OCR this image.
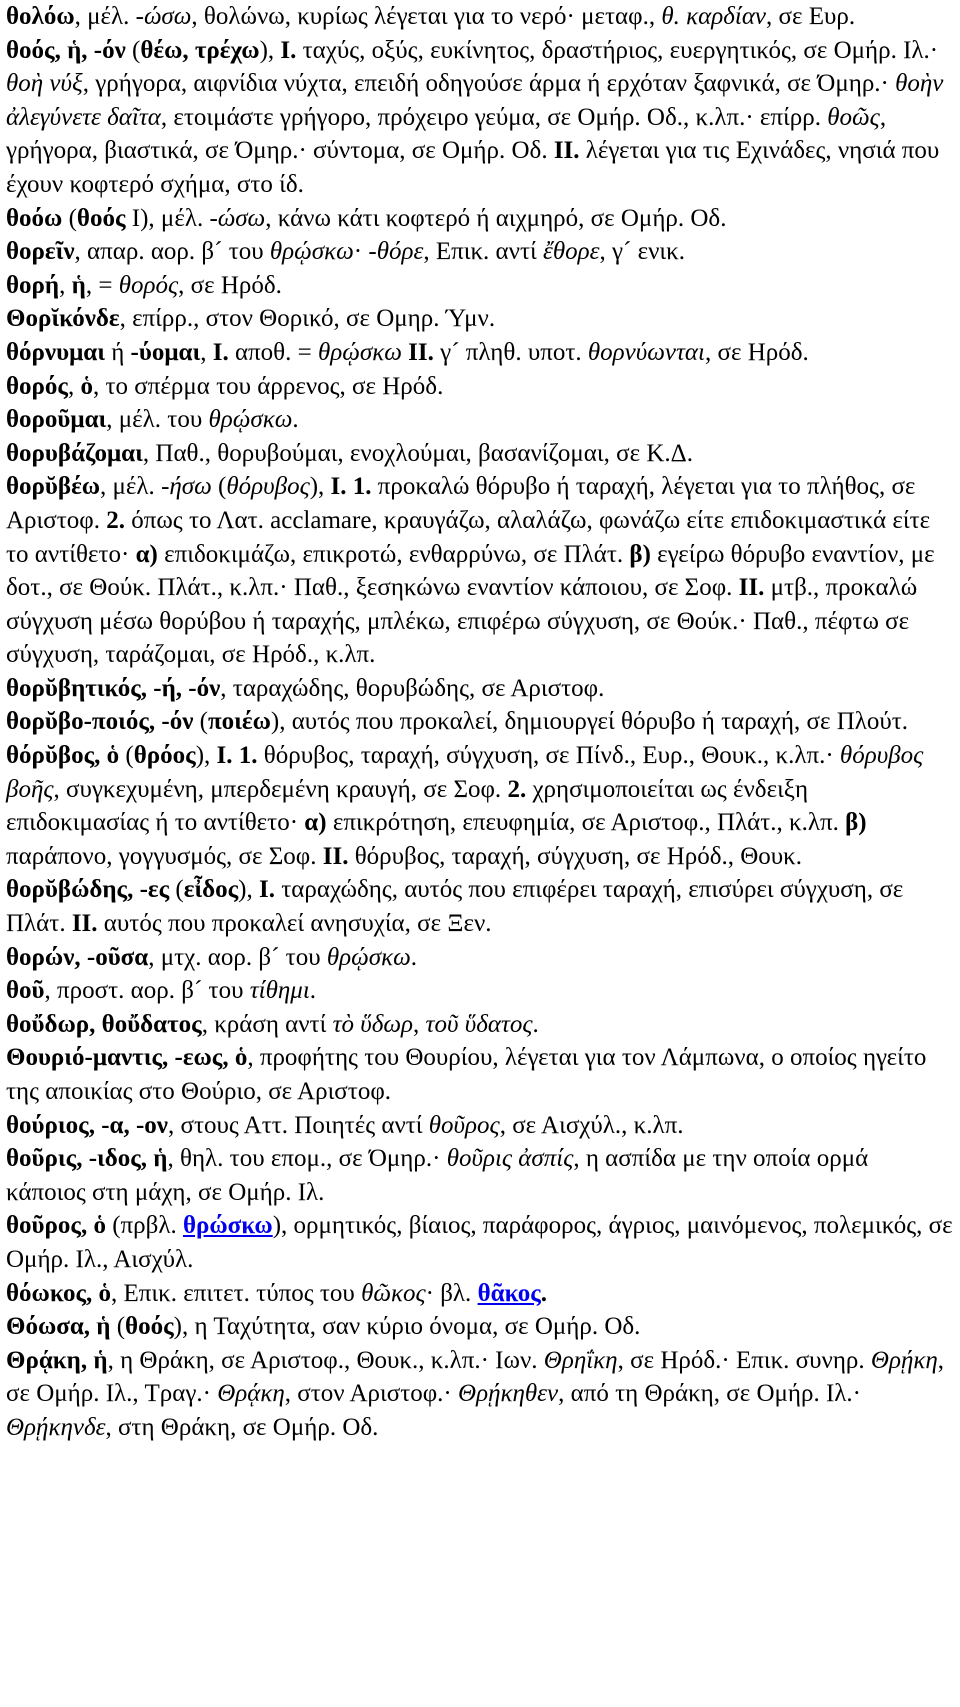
θολόω, μέλ. -ώσω, θολώνω, κυρίως λέγεται για το νερό· μεταφ., θ. καρδίαν, σε Ευρ.

θοός, ἡ, -όν (θέω, τρέχω), I. ταχύς, οξύς, ευκίνητος, δραστήριος, ευεργητικός, σε Ομήρ. Ιλ.· θοὴ νύξ, γρήγορα, αιφνίδια νύχτα, επειδή οδηγούσε άρμα ή ερχόταν ξαφνικά, σε Όμηρ.· θοὴν ἀλεγύνετε δαῖτα, ετοιμάστε γρήγορο, πρόχειρο γεύμα, σε Ομήρ. Οδ., κ.λπ.· επίρρ. θοῶς, γρήγορα, βιαστικά, σε Όμηρ.· σύντομα, σε Ομήρ. Οδ. II. λέγεται για τις Εχινάδες, νησιά που έχουν κοφτερό σχήμα, στο ίδ.

θοόω (θοός I), μέλ. -ώσω, κάνω κάτι κοφτερό ή αιχμηρό, σε Ομήρ. Οδ.

θορεῖν, απαρ. αορ. β´ του θρῴσκω· -θόρε, Επικ. αντί ἔθορε, γ´ ενικ.

θορή, ἡ, = θορός, σε Ηρόδ.

Θορῐκόνδε, επίρρ., στον Θορικό, σε Ομηρ. Ύμν.

θόρνυμαι ή -ύομαι, I. αποθ. = θρῴσκω II. γ´ πληθ. υποτ. θορνύωνται, σε Ηρόδ.

θορός, ὁ, το σπέρμα του άρρενος, σε Ηρόδ.

θοροῦμαι, μέλ. του θρῴσκω.

θορυβάζομαι, Παθ., θορυβούμαι, ενοχλούμαι, βασανίζομαι, σε Κ.Δ.

θορῠβέω, μέλ. -ήσω (θόρυβος), I. 1. προκαλώ θόρυβο ή ταραχή, λέγεται για το πλήθος, σε Αριστοφ. 2. όπως το Λατ. acclamare, κραυγάζω, αλαλάζω, φωνάζω είτε επιδοκιμαστικά είτε το αντίθετο· α) επιδοκιμάζω, επικροτώ, ενθαρρύνω, σε Πλάτ. β) εγείρω θόρυβο εναντίον, με δοτ., σε Θούκ. Πλάτ., κ.λπ.· Παθ., ξεσηκώνω εναντίον κάποιου, σε Σοφ. II. μτβ., προκαλώ σύγχυση μέσω θορύβου ή ταραχής, μπλέκω, επιφέρω σύγχυση, σε Θούκ.· Παθ., πέφτω σε σύγχυση, ταράζομαι, σε Ηρόδ., κ.λπ.

θορῠβητικός, -ή, -όν, ταραχώδης, θορυβώδης, σε Αριστοφ.

θορῠβο-ποιός, -όν (ποιέω), αυτός που προκαλεί, δημιουργεί θόρυβο ή ταραχή, σε Πλούτ.

θόρῠβος, ὁ (θρόος), I. 1. θόρυβος, ταραχή, σύγχυση, σε Πίνδ., Ευρ., Θουκ., κ.λπ.· θόρυβος βοῆς, συγκεχυμένη, μπερδεμένη κραυγή, σε Σοφ. 2. χρησιμοποιείται ως ένδειξη επιδοκιμασίας ή το αντίθετο· α) επικρότηση, επευφημία, σε Αριστοφ., Πλάτ., κ.λπ. β) παράπονο, γογγυσμός, σε Σοφ. II. θόρυβος, ταραχή, σύγχυση, σε Ηρόδ., Θουκ.

θορῠβώδης, -ες (εἶδος), I. ταραχώδης, αυτός που επιφέρει ταραχή, επισύρει σύγχυση, σε Πλάτ. II. αυτός που προκαλεί ανησυχία, σε Ξεν.

θορών, -οῦσα, μτχ. αορ. β´ του θρῴσκω.

θοῦ, προστ. αορ. β´ του τίθημι.

θοὔδωρ, θοὔδατος, κράση αντί τὸ ὕδωρ, τοῦ ὕδατος.

Θουριό-μαντις, -εως, ὁ, προφήτης του Θουρίου, λέγεται για τον Λάμπωνα, ο οποίος ηγείτο της αποικίας στο Θούριο, σε Αριστοφ.

θούριος, -α, -ον, στους Αττ. Ποιητές αντί θοῦρος, σε Αισχύλ., κ.λπ.

θοῦρις, -ιδος, ἡ, θηλ. του επομ., σε Όμηρ.· θοῦρις ἀσπίς, η ασπίδα με την οποία ορμά κάποιος στη μάχη, σε Ομήρ. Ιλ.

θοῦρος, ὁ (πρβλ. θρώσκω), ορμητικός, βίαιος, παράφορος, άγριος, μαινόμενος, πολεμικός, σε Ομήρ. Ιλ., Αισχύλ.

θόωκος, ὁ, Επικ. επιτετ. τύπος του θῶκος· βλ. θᾶκος.

Θόωσα, ἡ (θοός), η Ταχύτητα, σαν κύριο όνομα, σε Ομήρ. Οδ.

Θρᾴκη, ἡ, η Θράκη, σε Αριστοφ., Θουκ., κ.λπ.· Ιων. Θρηΐκη, σε Ηρόδ.· Επικ. συνηρ. Θρῄκη, σε Ομήρ. Ιλ., Τραγ.· Θρᾴκη, στον Αριστοφ.· Θρῄκηθεν, από τη Θράκη, σε Ομήρ. Ιλ.· Θρῄκηνδε, στη Θράκη, σε Ομήρ. Οδ.
